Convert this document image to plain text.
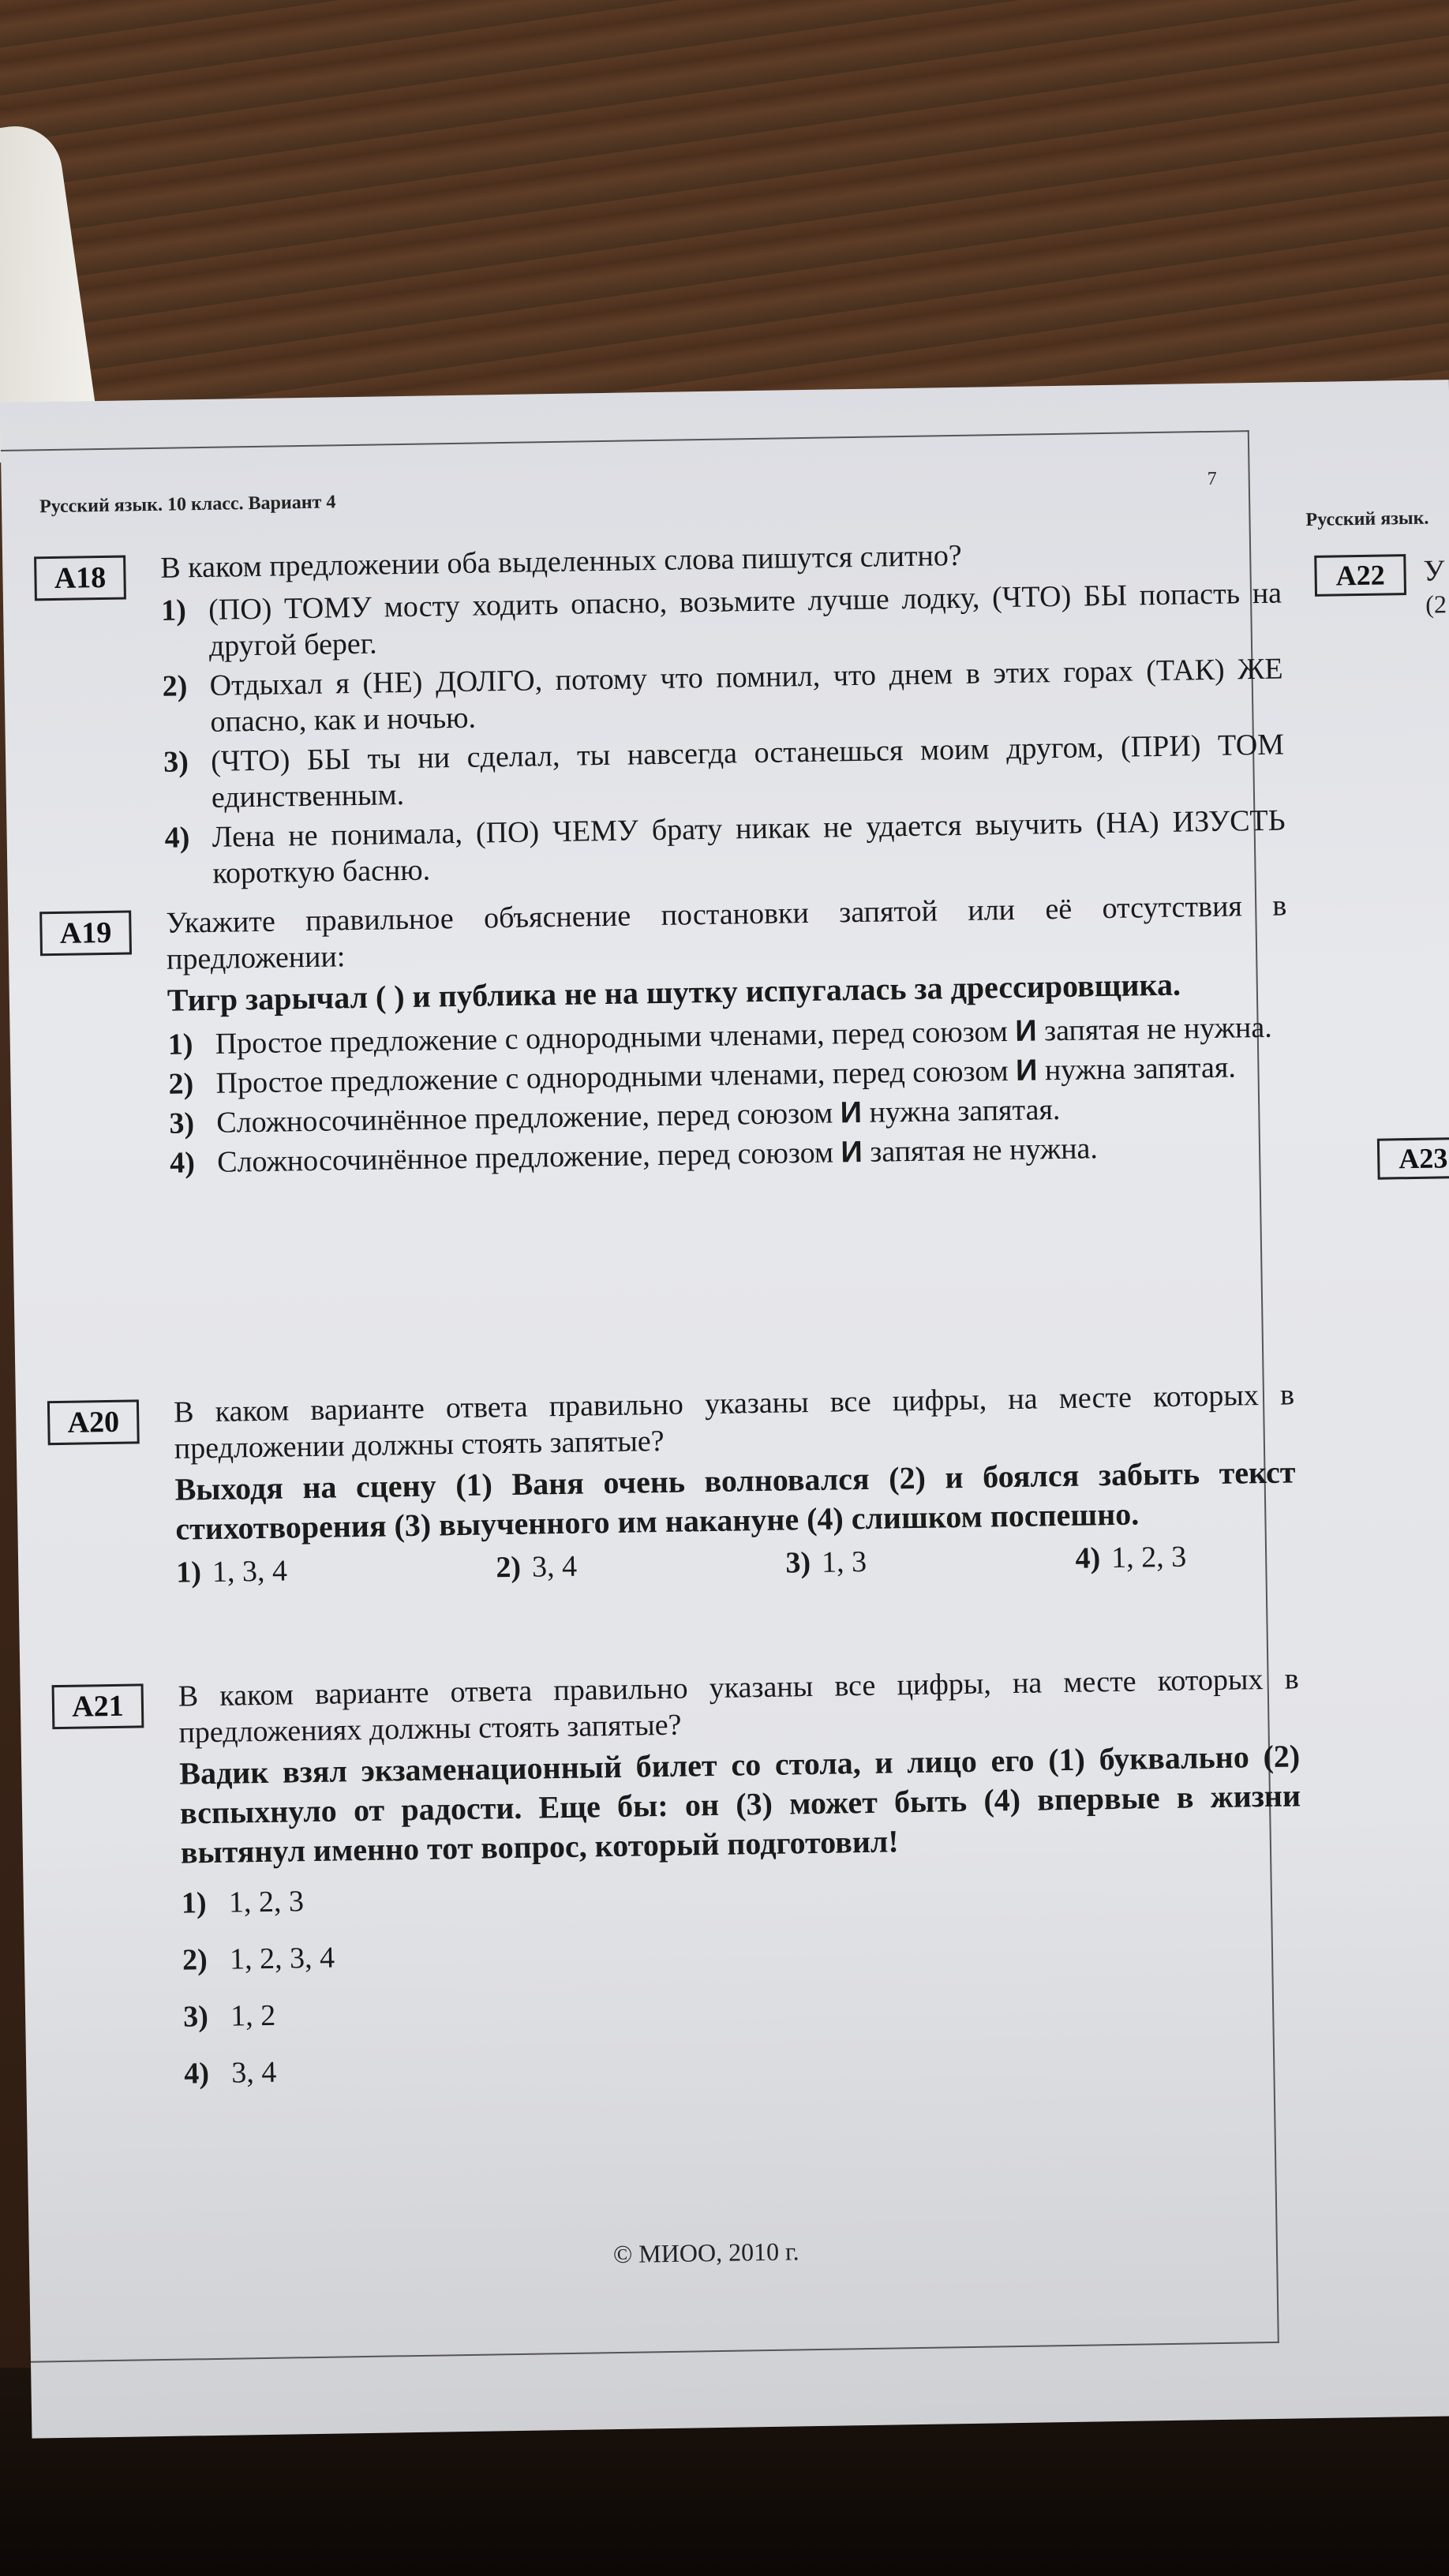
Русский язык. 10 класс. Вариант 4
7
A18	В каком предложении оба выделенных слова пишутся слитно?
1) (ПО) ТОМУ мосту ходить опасно, возьмите лучше лодку, (ЧТО) БЫ попасть на другой берег.
2) Отдыхал я (НЕ) ДОЛГО, потому что помнил, что днем в этих горах (ТАК) ЖЕ опасно, как и ночью.
3) (ЧТО) БЫ ты ни сделал, ты навсегда останешься моим другом, (ПРИ) ТОМ единственным.
4) Лена не понимала, (ПО) ЧЕМУ брату никак не удается выучить (НА) ИЗУСТЬ короткую басню.
A19	Укажите правильное объяснение постановки запятой или её отсутствия в предложении:
Тигр зарычал ( ) и публика не на шутку испугалась за дрессировщика.
1) Простое предложение с однородными членами, перед союзом И запятая не нужна.
2) Простое предложение с однородными членами, перед союзом И нужна запятая.
3) Сложносочинённое предложение, перед союзом И нужна запятая.
4) Сложносочинённое предложение, перед союзом И запятая не нужна.
A20	В каком варианте ответа правильно указаны все цифры, на месте которых в предложении должны стоять запятые?
Выходя на сцену (1) Ваня очень волновался (2) и боялся забыть текст стихотворения (3) выученного им накануне (4) слишком поспешно.
1) 1, 3, 4	2) 3, 4	3) 1, 3	4) 1, 2, 3
A21	В каком варианте ответа правильно указаны все цифры, на месте которых в предложениях должны стоять запятые?
Вадик взял экзаменационный билет со стола, и лицо его (1) буквально (2) вспыхнуло от радости. Еще бы: он (3) может быть (4) впервые в жизни вытянул именно тот вопрос, который подготовил!
1) 1, 2, 3
2) 1, 2, 3, 4
3) 1, 2
4) 3, 4
© МИОО, 2010 г.
Русский язык.
A22	У
(2
A23
